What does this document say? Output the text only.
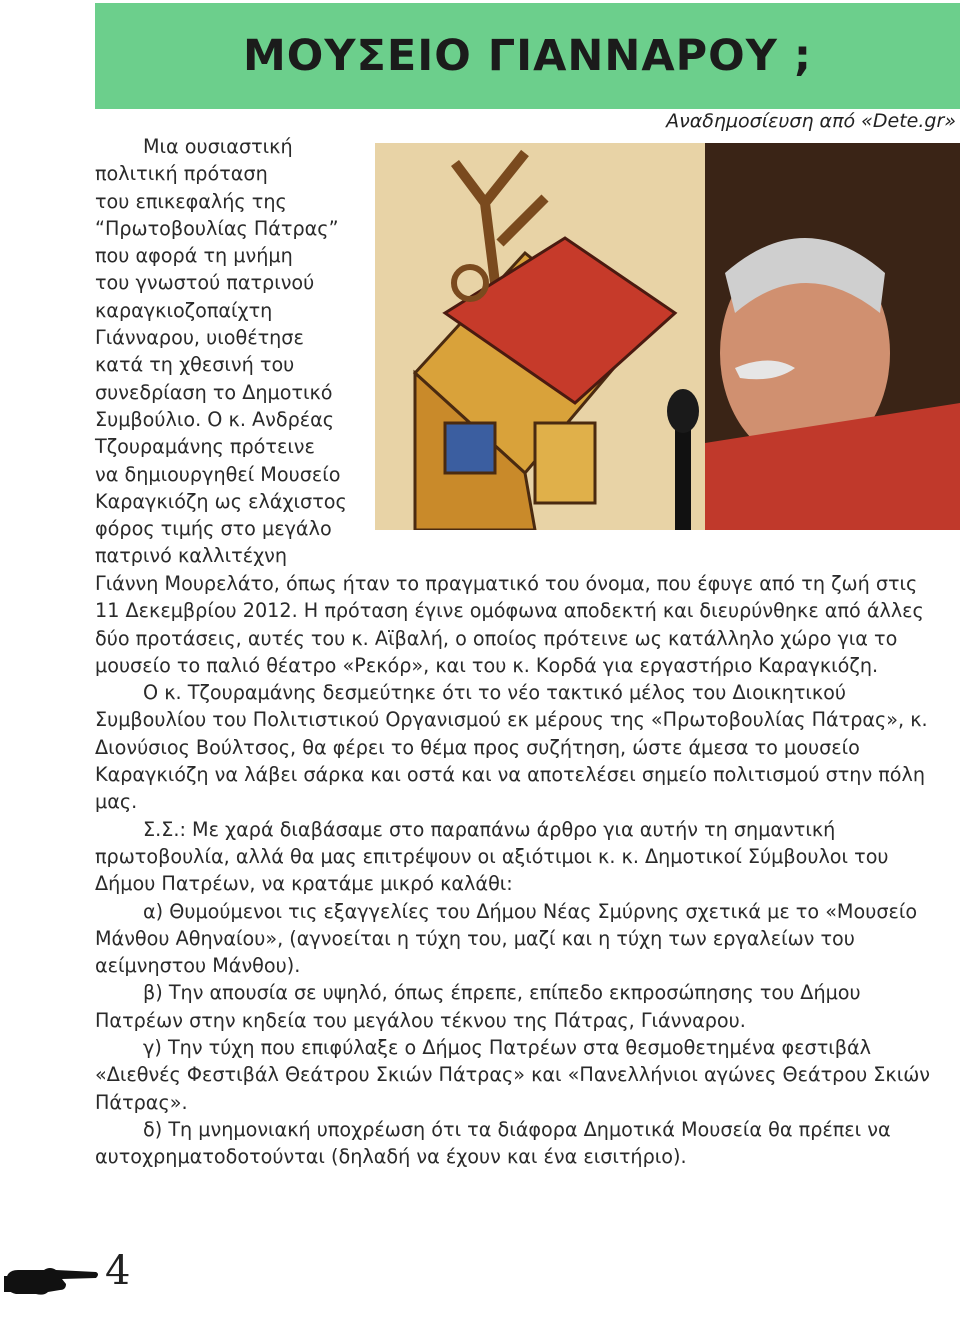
ΜΟΥΣΕΙΟ ΓΙΑΝΝΑΡΟΥ ;
Αναδημοσίευση από «Dete.gr»
Μια ουσιαστική
πολιτική πρόταση
του επικεφαλής της
“Πρωτοβουλίας Πάτρας”
που αφορά τη μνήμη
του γνωστού πατρινού
καραγκιοζοπαίχτη
Γιάνναρου, υιοθέτησε
κατά τη χθεσινή του
συνεδρίαση το Δημοτικό
Συμβούλιο. Ο κ. Ανδρέας
Τζουραμάνης πρότεινε
να δημιουργηθεί Μουσείο
Καραγκιόζη ως ελάχιστος
φόρος τιμής στο μεγάλο
πατρινό καλλιτέχνη

Γιάννη Μουρελάτο, όπως ήταν το πραγματικό του όνομα, που έφυγε από τη ζωή στις 11 Δεκεμβρίου 2012. Η πρόταση έγινε ομόφωνα αποδεκτή και διευρύνθηκε από άλλες δύο προτάσεις, αυτές του κ. Αϊβαλή, ο οποίος πρότεινε ως κατάλληλο χώρο για το μουσείο το παλιό θέατρο «Ρεκόρ», και του κ. Κορδά για εργαστήριο Καραγκιόζη.

Ο κ. Τζουραμάνης δεσμεύτηκε ότι το νέο τακτικό μέλος του Διοικητικού Συμβουλίου του Πολιτιστικού Οργανισμού εκ μέρους της «Πρωτοβουλίας Πάτρας», κ. Διονύσιος Βούλτσος, θα φέρει το θέμα προς συζήτηση, ώστε άμεσα το μουσείο Καραγκιόζη να λάβει σάρκα και οστά και να αποτελέσει σημείο πολιτισμού στην πόλη μας.

Σ.Σ.: Με χαρά διαβάσαμε στο παραπάνω άρθρο για αυτήν τη σημαντική πρωτοβουλία, αλλά θα μας επιτρέψουν οι αξιότιμοι κ. κ. Δημοτικοί Σύμβουλοι του Δήμου Πατρέων, να κρατάμε μικρό καλάθι:

α) Θυμούμενοι τις εξαγγελίες του Δήμου Νέας Σμύρνης σχετικά με το «Μουσείο Μάνθου Αθηναίου», (αγνοείται η τύχη του, μαζί και η τύχη των εργαλείων του αείμνηστου Μάνθου).

β) Την απουσία σε υψηλό, όπως έπρεπε, επίπεδο εκπροσώπησης του Δήμου Πατρέων στην κηδεία του μεγάλου τέκνου της Πάτρας, Γιάνναρου.

γ) Την τύχη που επιφύλαξε ο Δήμος Πατρέων στα θεσμοθετημένα φεστιβάλ «Διεθνές Φεστιβάλ Θεάτρου Σκιών Πάτρας» και «Πανελλήνιοι αγώνες Θεάτρου Σκιών Πάτρας».

δ) Τη μνημονιακή υποχρέωση ότι τα διάφορα Δημοτικά Μουσεία θα πρέπει να αυτοχρηματοδοτούνται (δηλαδή να έχουν και ένα εισιτήριο).

4
